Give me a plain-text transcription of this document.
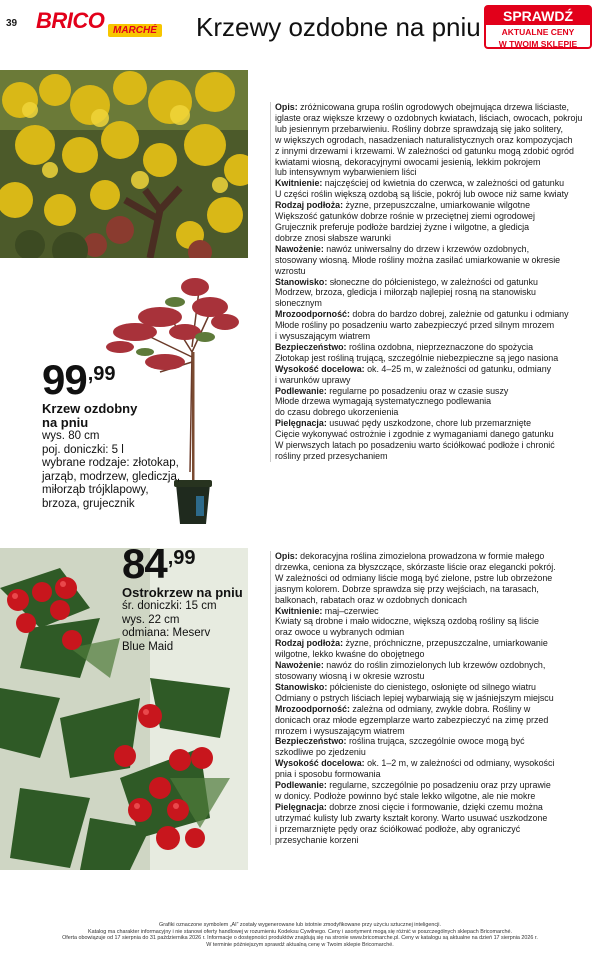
39 BRICO MARCHÉ Krzewy ozdobne na pniu	SPRAWDŹ
AKTUALNE CENY
W TWOIM SKLEPIE
99,99
Krzew ozdobny
na pniu
wys. 80 cm
poj. doniczki: 5 l
wybrane rodzaje: złotokap,
jarząb, modrzew, glediczja,
miłorząb trójklapowy,
brzoza, grujecznik

Opis: zróżnicowana grupa roślin ogrodowych obejmująca drzewa liściaste,

iglaste oraz większe krzewy o ozdobnych kwiatach, liściach, owocach, pokroju

lub jesiennym przebarwieniu. Rośliny dobrze sprawdzają się jako solitery,

w większych ogrodach, nasadzeniach naturalistycznych oraz kompozycjach

z innymi drzewami i krzewami. W zależności od gatunku mogą zdobić ogród

kwiatami wiosną, dekoracyjnymi owocami jesienią, lekkim pokrojem

lub intensywnym wybarwieniem liści

Kwitnienie: najczęściej od kwietnia do czerwca, w zależności od gatunku

U części roślin większą ozdobą są liście, pokrój lub owoce niż same kwiaty

Rodzaj podłoża: żyzne, przepuszczalne, umiarkowanie wilgotne

Większość gatunków dobrze rośnie w przeciętnej ziemi ogrodowej

Grujecznik preferuje podłoże bardziej żyzne i wilgotne, a gledicja

dobrze znosi słabsze warunki

Nawożenie: nawóz uniwersalny do drzew i krzewów ozdobnych,

stosowany wiosną. Młode rośliny można zasilać umiarkowanie w okresie

wzrostu

Stanowisko: słoneczne do półcienistego, w zależności od gatunku

Modrzew, brzoza, gledicja i miłorząb najlepiej rosną na stanowisku

słonecznym

Mrozoodporność: dobra do bardzo dobrej, zależnie od gatunku i odmiany

Młode rośliny po posadzeniu warto zabezpieczyć przed silnym mrozem

i wysuszającym wiatrem

Bezpieczeństwo: roślina ozdobna, nieprzeznaczone do spożycia

Złotokap jest rośliną trującą, szczególnie niebezpieczne są jego nasiona

Wysokość docelowa: ok. 4–25 m, w zależności od gatunku, odmiany

i warunków uprawy

Podlewanie: regularne po posadzeniu oraz w czasie suszy

Młode drzewa wymagają systematycznego podlewania

do czasu dobrego ukorzenienia

Pielęgnacja: usuwać pędy uszkodzone, chore lub przemarznięte

Cięcie wykonywać ostrożnie i zgodnie z wymaganiami danego gatunku

W pierwszych latach po posadzeniu warto ściółkować podłoże i chronić

rośliny przed przesychaniem

84,99
Ostrokrzew na pniu
śr. doniczki: 15 cm
wys. 22 cm
odmiana: Meserv
Blue Maid

Opis: dekoracyjna roślina zimozielona prowadzona w formie małego

drzewka, ceniona za błyszczące, skórzaste liście oraz elegancki pokrój.

W zależności od odmiany liście mogą być zielone, pstre lub obrzeżone

jasnym kolorem. Dobrze sprawdza się przy wejściach, na tarasach,

balkonach, rabatach oraz w ozdobnych donicach

Kwitnienie: maj–czerwiec

Kwiaty są drobne i mało widoczne, większą ozdobą rośliny są liście

oraz owoce u wybranych odmian

Rodzaj podłoża: żyzne, próchniczne, przepuszczalne, umiarkowanie

wilgotne, lekko kwaśne do obojętnego

Nawożenie: nawóz do roślin zimozielonych lub krzewów ozdobnych,

stosowany wiosną i w okresie wzrostu

Stanowisko: półcieniste do cienistego, osłonięte od silnego wiatru

Odmiany o pstrych liściach lepiej wybarwiają się w jaśniejszym miejscu

Mrozoodporność: zależna od odmiany, zwykle dobra. Rośliny w

donicach oraz młode egzemplarze warto zabezpieczyć na zimę przed

mrozem i wysuszającym wiatrem

Bezpieczeństwo: roślina trująca, szczególnie owoce mogą być

szkodliwe po zjedzeniu

Wysokość docelowa: ok. 1–2 m, w zależności od odmiany, wysokości

pnia i sposobu formowania

Podlewanie: regularne, szczególnie po posadzeniu oraz przy uprawie

w donicy. Podłoże powinno być stale lekko wilgotne, ale nie mokre

Pielęgnacja: dobrze znosi cięcie i formowanie, dzięki czemu można

utrzymać kulisty lub zwarty kształt korony. Warto usuwać uszkodzone

i przemarznięte pędy oraz ściółkować podłoże, aby ograniczyć

przesychanie korzeni

Grafiki oznaczone symbolem „AI” zostały wygenerowane lub istotnie zmodyfikowane przy użyciu sztucznej inteligencji.
Katalog ma charakter informacyjny i nie stanowi oferty handlowej w rozumieniu Kodeksu Cywilnego. Ceny i asortyment mogą się różnić w poszczególnych sklepach Bricomarché.
Oferta obowiązuje od 17 sierpnia do 31 października 2026 r. Informacje o dostępności produktów znajdują się na stronie www.bricomarche.pl. Ceny w katalogu są aktualne na dzień 17 sierpnia 2026 r.
W terminie późniejszym sprawdź aktualną cenę w Twoim sklepie Bricomarché.
